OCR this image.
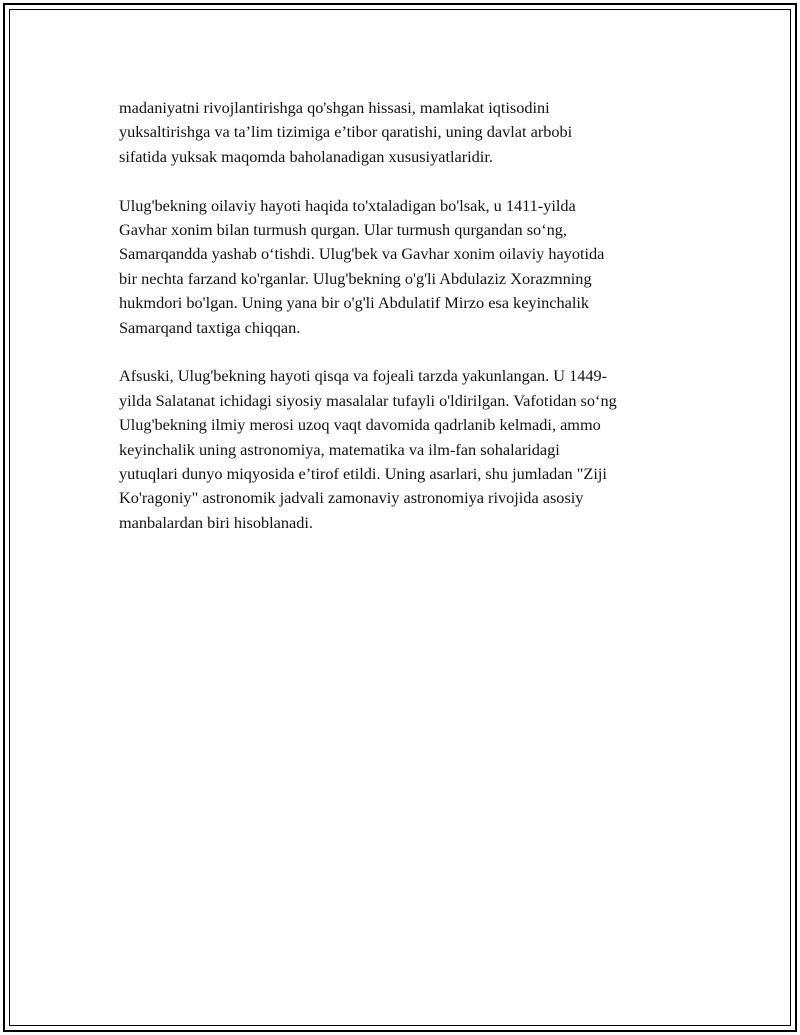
madaniyatni rivojlantirishga qo'shgan hissasi, mamlakat iqtisodini
yuksaltirishga va ta’lim tizimiga e’tibor qaratishi, uning davlat arbobi
sifatida yuksak maqomda baholanadigan xususiyatlaridir.

Ulug'bekning oilaviy hayoti haqida to'xtaladigan bo'lsak, u 1411-yilda
Gavhar xonim bilan turmush qurgan. Ular turmush qurgandan so‘ng,
Samarqandda yashab o‘tishdi. Ulug'bek va Gavhar xonim oilaviy hayotida
bir nechta farzand ko'rganlar. Ulug'bekning o'g'li Abdulaziz Xorazmning
hukmdori bo'lgan. Uning yana bir o'g'li Abdulatif Mirzo esa keyinchalik
Samarqand taxtiga chiqqan.

Afsuski, Ulug'bekning hayoti qisqa va fojeali tarzda yakunlangan. U 1449-
yilda Salatanat ichidagi siyosiy masalalar tufayli o'ldirilgan. Vafotidan so‘ng
Ulug'bekning ilmiy merosi uzoq vaqt davomida qadrlanib kelmadi, ammo
keyinchalik uning astronomiya, matematika va ilm-fan sohalaridagi
yutuqlari dunyo miqyosida e’tirof etildi. Uning asarlari, shu jumladan "Ziji
Ko'ragoniy" astronomik jadvali zamonaviy astronomiya rivojida asosiy
manbalardan biri hisoblanadi.
